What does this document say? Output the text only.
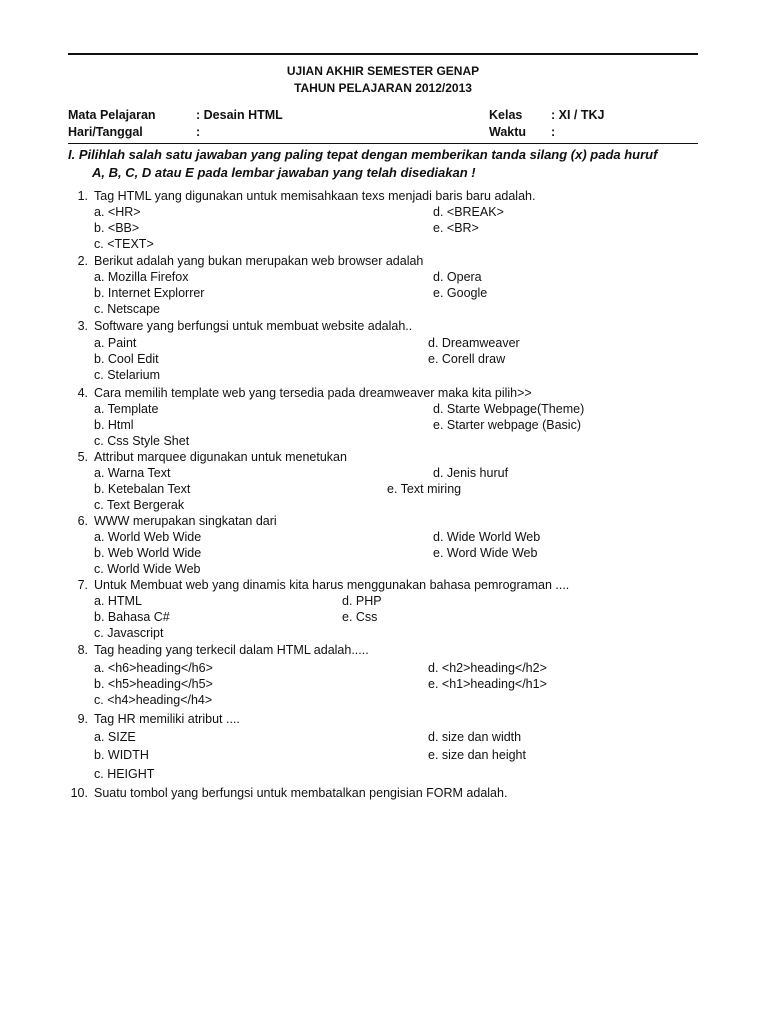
UJIAN AKHIR SEMESTER GENAP
TAHUN PELAJARAN 2012/2013
Mata Pelajaran	: Desain HTML
Hari/Tanggal	:
Kelas : XI / TKJ
Waktu :
I. Pilihlah salah satu jawaban yang paling tepat dengan memberikan tanda silang (x) pada huruf
A, B, C, D atau E pada lembar jawaban yang telah disediakan !
1. Tag HTML yang digunakan untuk memisahkaan texs menjadi baris baru adalah.
a. <HR>
b. <BB>
c. <TEXT>
d. <BREAK>
e. <BR>
2. Berikut adalah yang bukan merupakan web browser adalah
a. Mozilla Firefox
b. Internet Explorrer
c. Netscape
d. Opera
e. Google
3. Software yang berfungsi untuk membuat website adalah..
a. Paint
b. Cool Edit
c. Stelarium
d. Dreamweaver
e. Corell draw
4. Cara memilih template web yang tersedia pada dreamweaver maka kita pilih>>
a. Template
b. Html
c. Css Style Shet
d. Starte Webpage(Theme)
e. Starter webpage (Basic)
5. Attribut marquee digunakan untuk menetukan
a. Warna Text
b. Ketebalan Text
c. Text Bergerak
d. Jenis huruf
e. Text miring
6. WWW merupakan singkatan dari
a. World Web Wide
b. Web World Wide
c. World Wide Web
d. Wide World Web
e. Word Wide Web
7. Untuk Membuat web yang dinamis kita harus menggunakan bahasa pemrograman ....
a. HTML
b. Bahasa C#
c. Javascript
d. PHP
e. Css
8. Tag heading yang terkecil dalam HTML adalah.....
a. <h6>heading</h6>
b. <h5>heading</h5>
c. <h4>heading</h4>
d. <h2>heading</h2>
e. <h1>heading</h1>
9. Tag HR memiliki atribut ....
a. SIZE
b. WIDTH
c. HEIGHT
d. size dan width
e. size dan height
10. Suatu tombol yang berfungsi untuk membatalkan pengisian FORM adalah.
